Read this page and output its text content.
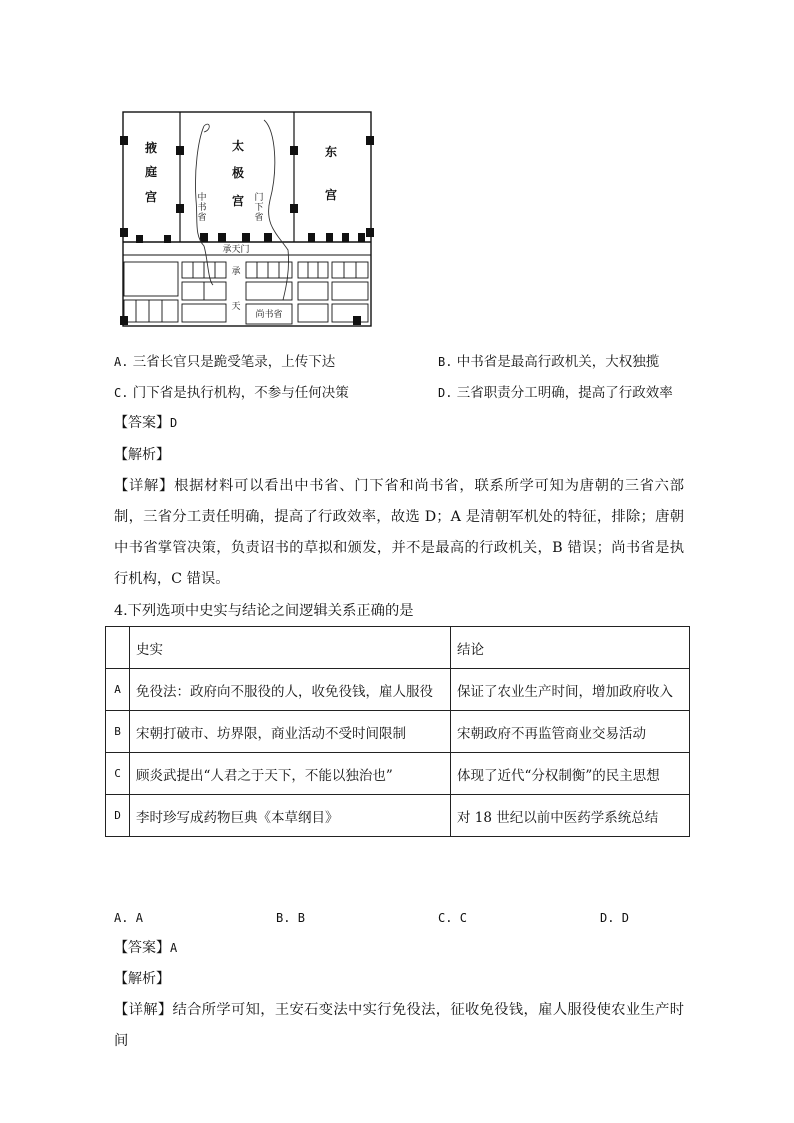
掖
庭
宫
太
极
宫
东
宫
中
书
省
门
下
省
承天门
承
天
尚书省
A. 三省长官只是跪受笔录，上传下达	B. 中书省是最高行政机关，大权独揽
C. 门下省是执行机构，不参与任何决策	D. 三省职责分工明确，提高了行政效率
【答案】D
【解析】
【详解】根据材料可以看出中书省、门下省和尚书省，联系所学可知为唐朝的三省六部制，三省分工责任明确，提高了行政效率，故选 D；A 是清朝军机处的特征，排除；唐朝中书省掌管决策，负责诏书的草拟和颁发，并不是最高的行政机关，B 错误；尚书省是执行机构，C 错误。
4.下列选项中史实与结论之间逻辑关系正确的是
	史实	结论
A	免役法：政府向不服役的人，收免役钱，雇人服役	保证了农业生产时间，增加政府收入
B	宋朝打破市、坊界限，商业活动不受时间限制	宋朝政府不再监管商业交易活动
C	顾炎武提出“人君之于天下，不能以独治也”	体现了近代“分权制衡”的民主思想
D	李时珍写成药物巨典《本草纲目》	对 18 世纪以前中医药学系统总结
A. A	B. B	C. C	D. D
【答案】A
【解析】
【详解】结合所学可知，王安石变法中实行免役法，征收免役钱，雇人服役使农业生产时间
